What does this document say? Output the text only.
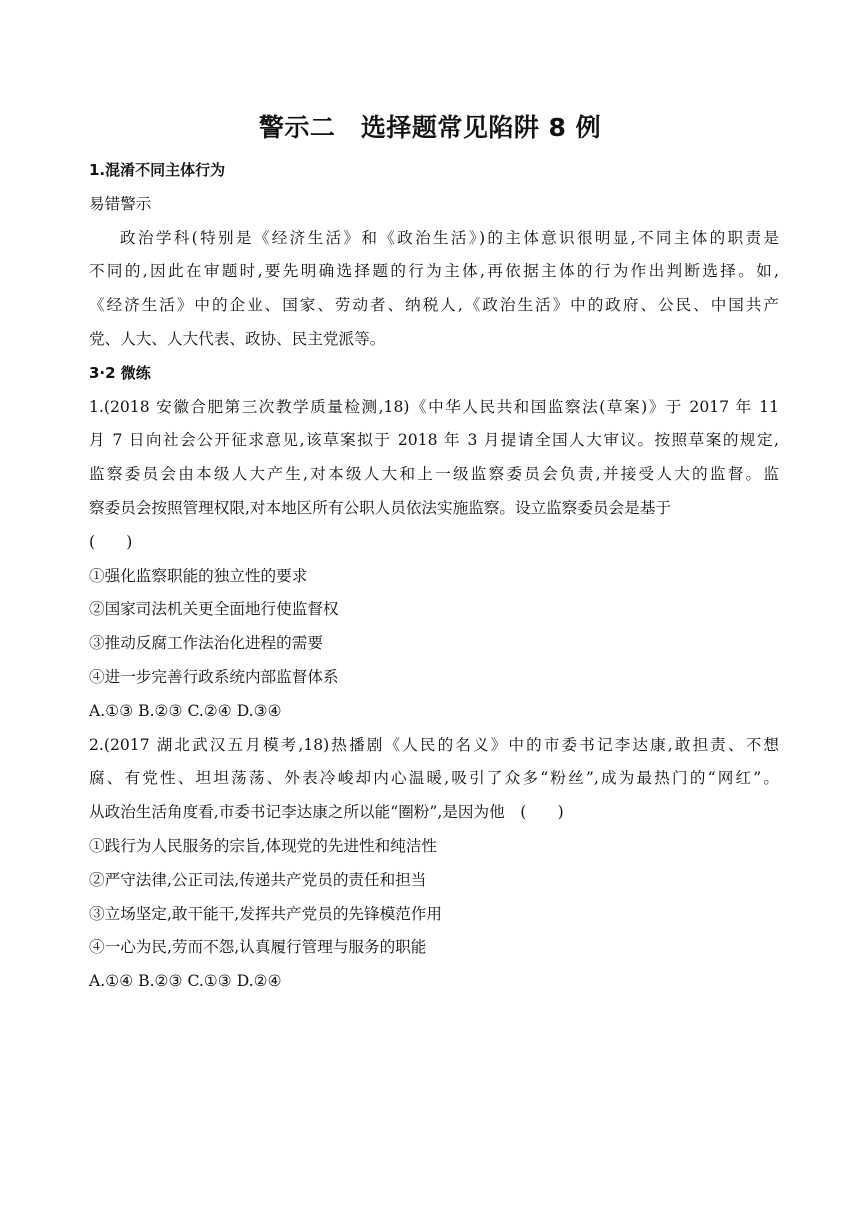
警示二　选择题常见陷阱 8 例
1.混淆不同主体行为
易错警示
政治学科(特别是《经济生活》和《政治生活》)的主体意识很明显,不同主体的职责是
不同的,因此在审题时,要先明确选择题的行为主体,再依据主体的行为作出判断选择。如,
《经济生活》中的企业、国家、劳动者、纳税人,《政治生活》中的政府、公民、中国共产
党、人大、人大代表、政协、民主党派等。
3·2 微练
1.(2018 安徽合肥第三次教学质量检测,18)《中华人民共和国监察法(草案)》于 2017 年 11
月 7 日向社会公开征求意见,该草案拟于 2018 年 3 月提请全国人大审议。按照草案的规定,
监察委员会由本级人大产生,对本级人大和上一级监察委员会负责,并接受人大的监督。监
察委员会按照管理权限,对本地区所有公职人员依法实施监察。设立监察委员会是基于
(　　)
①强化监察职能的独立性的要求
②国家司法机关更全面地行使监督权
③推动反腐工作法治化进程的需要
④进一步完善行政系统内部监督体系
A.①③ B.②③ C.②④ D.③④
2.(2017 湖北武汉五月模考,18)热播剧《人民的名义》中的市委书记李达康,敢担责、不想
腐、有党性、坦坦荡荡、外表冷峻却内心温暖,吸引了众多“粉丝”,成为最热门的“网红”。
从政治生活角度看,市委书记李达康之所以能“圈粉”,是因为他　(　　)
①践行为人民服务的宗旨,体现党的先进性和纯洁性
②严守法律,公正司法,传递共产党员的责任和担当
③立场坚定,敢干能干,发挥共产党员的先锋模范作用
④一心为民,劳而不怨,认真履行管理与服务的职能
A.①④ B.②③ C.①③ D.②④
